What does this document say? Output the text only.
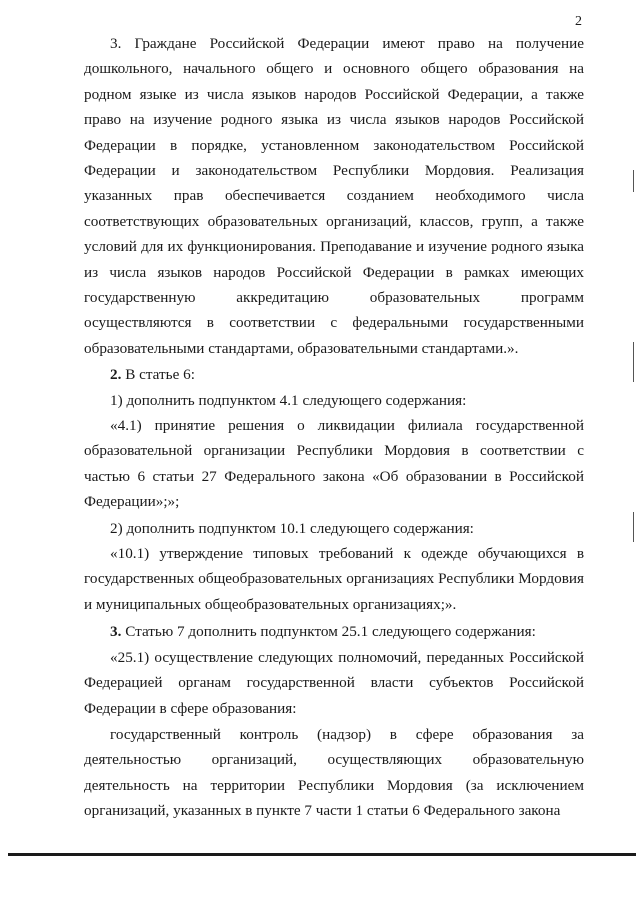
2

3. Граждане Российской Федерации имеют право на получение дошкольного, начального общего и основного общего образования на родном языке из числа языков народов Российской Федерации, а также право на изучение родного языка из числа языков народов Российской Федерации в порядке, установленном законодательством Российской Федерации и законодательством Республики Мордовия. Реализация указанных прав обеспечивается созданием необходимого числа соответствующих образовательных организаций, классов, групп, а также условий для их функционирования. Преподавание и изучение родного языка из числа языков народов Российской Федерации в рамках имеющих государственную аккредитацию образовательных программ осуществляются в соответствии с федеральными государственными образовательными стандартами, образовательными стандартами.».

2. В статье 6:

1) дополнить подпунктом 4.1 следующего содержания:

«4.1) принятие решения о ликвидации филиала государственной образовательной организации Республики Мордовия в соответствии с частью 6 статьи 27 Федерального закона «Об образовании в Российской Федерации»;»;

2) дополнить подпунктом 10.1 следующего содержания:

«10.1) утверждение типовых требований к одежде обучающихся в государственных общеобразовательных организациях Республики Мордовия и муниципальных общеобразовательных организациях;».

3. Статью 7 дополнить подпунктом 25.1 следующего содержания:

«25.1) осуществление следующих полномочий, переданных Российской Федерацией органам государственной власти субъектов Российской Федерации в сфере образования:

государственный контроль (надзор) в сфере образования за деятельностью организаций, осуществляющих образовательную деятельность на территории Республики Мордовия (за исключением организаций, указанных в пункте 7 части 1 статьи 6 Федерального закона
